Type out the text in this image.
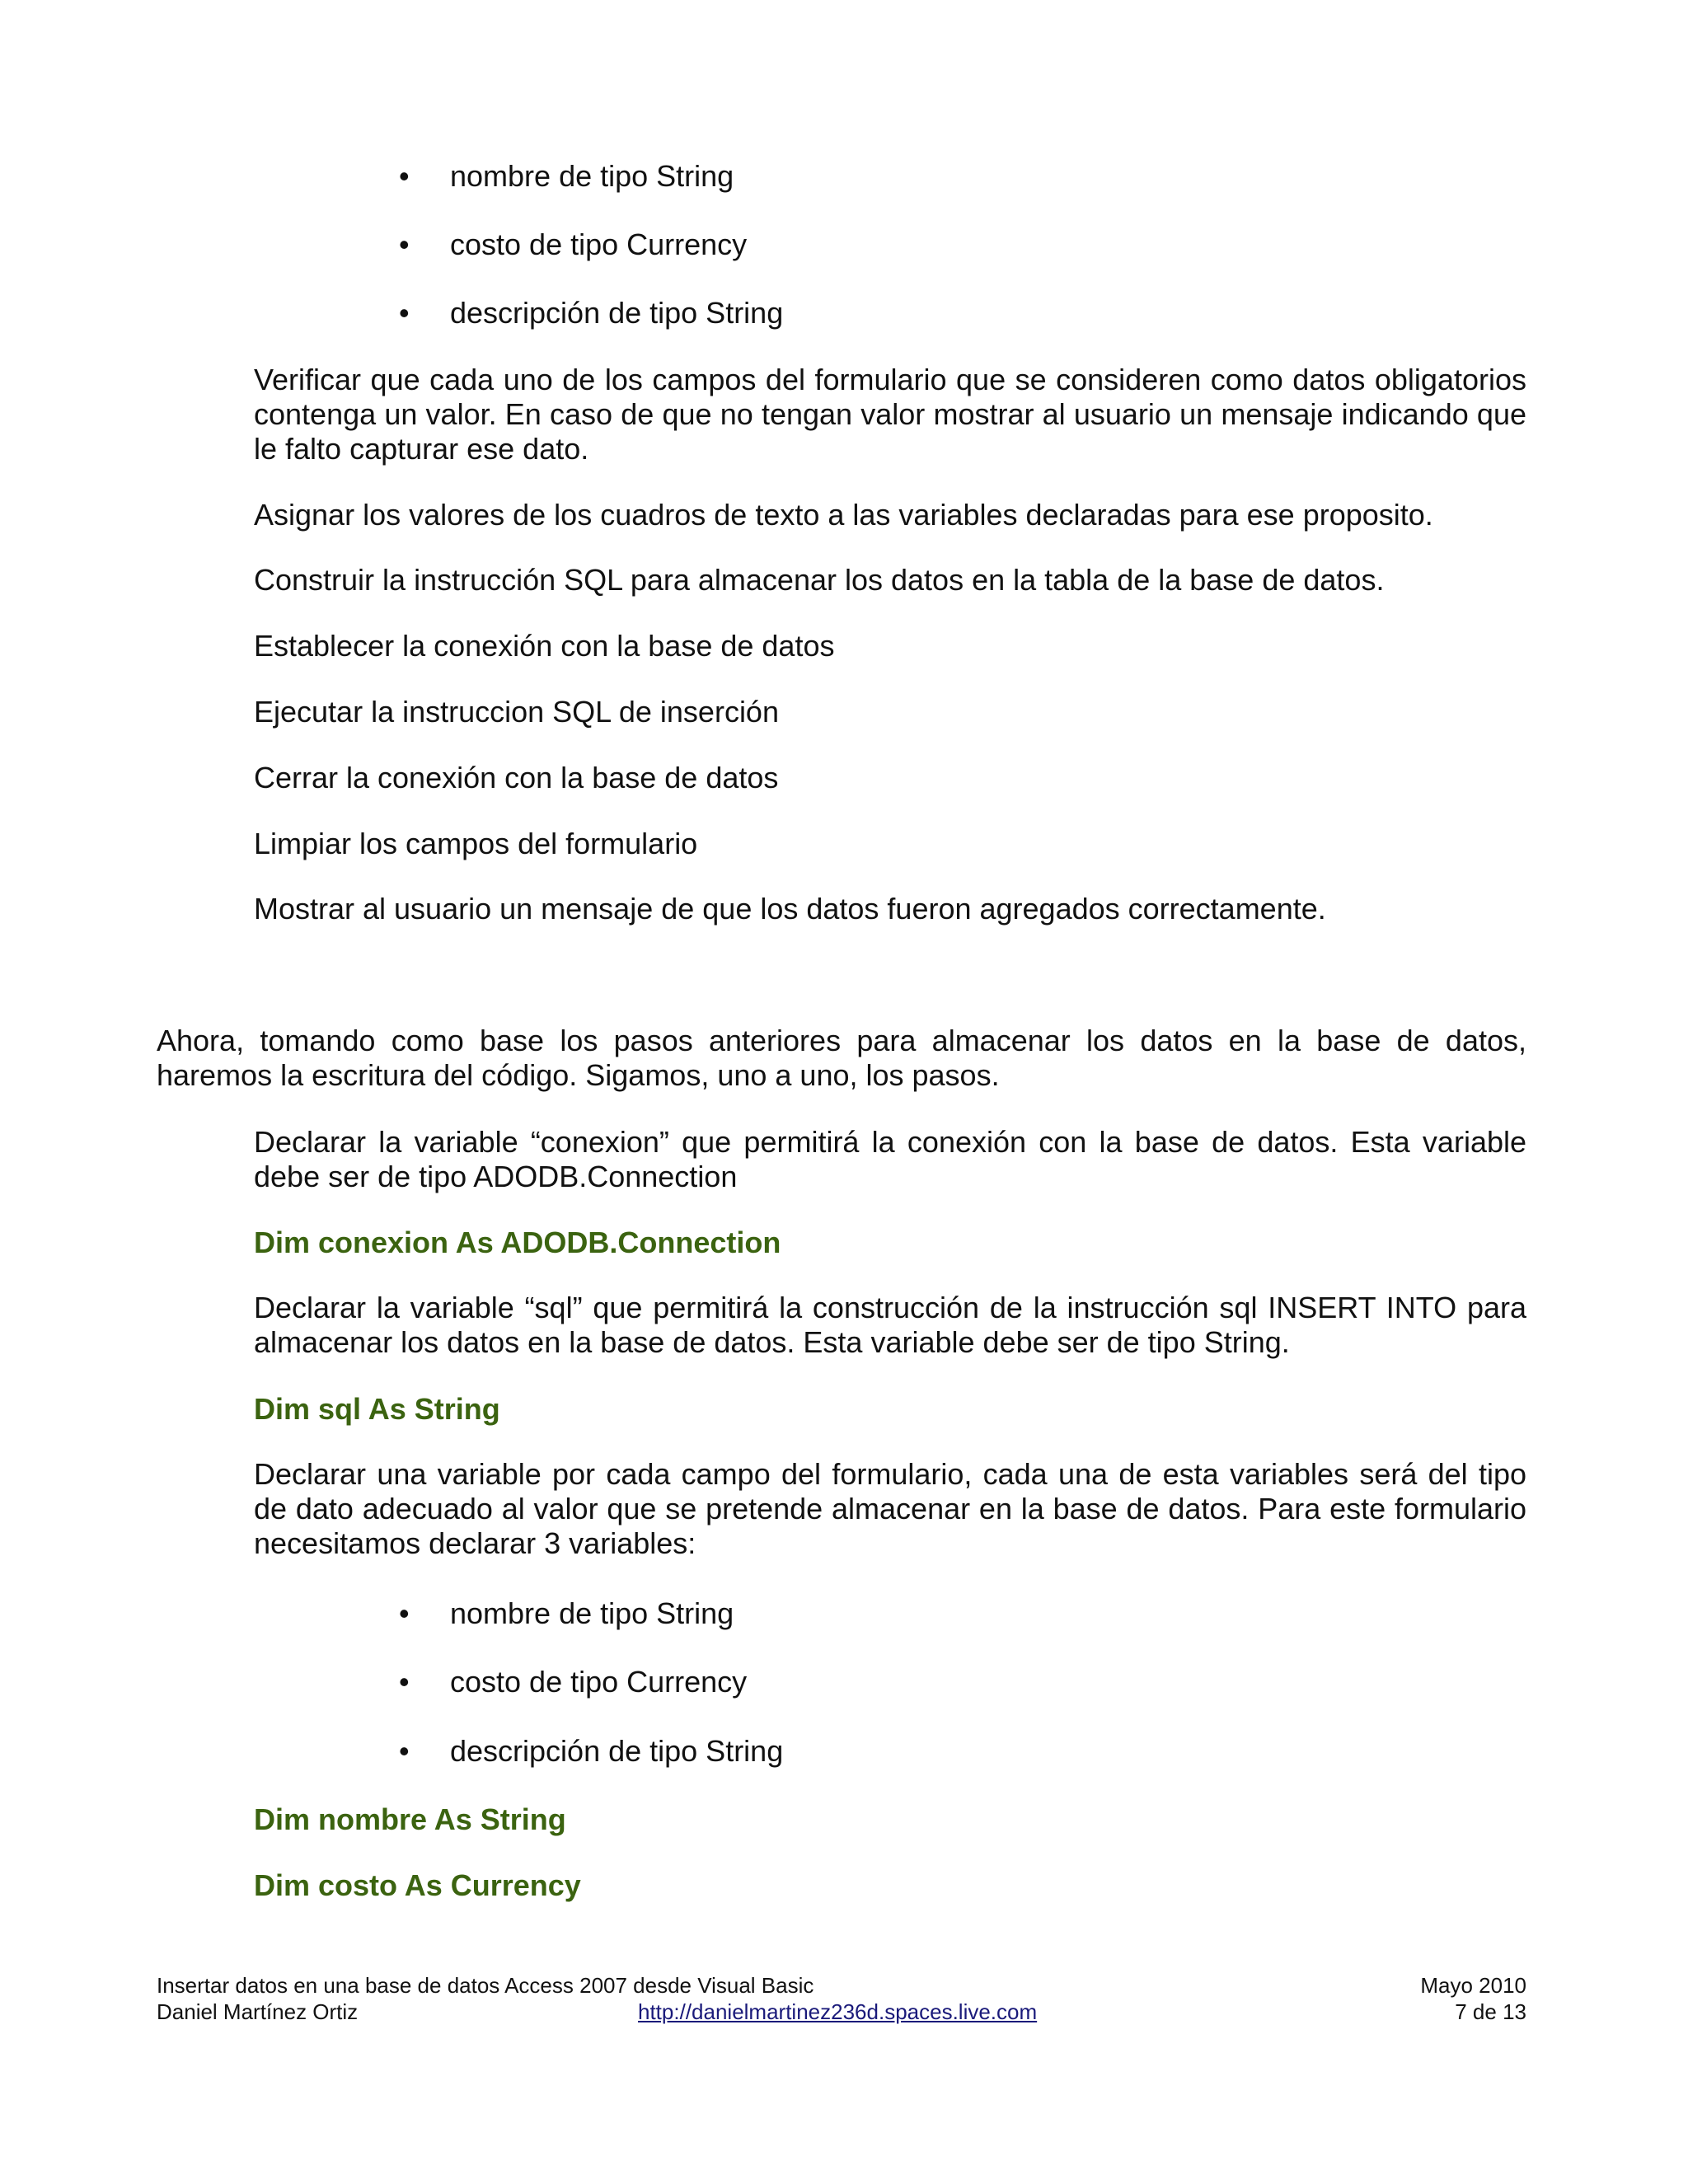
• nombre de tipo String
• costo de tipo Currency
• descripción de tipo String
Verificar que cada uno de los campos del formulario que se consideren como datos obligatorios contenga un valor. En caso de que no tengan valor mostrar al usuario un mensaje indicando que le falto capturar ese dato.
Asignar los valores de los cuadros de texto a las variables declaradas para ese proposito.
Construir la instrucción SQL para almacenar los datos en la tabla de la base de datos.
Establecer la conexión con la base de datos
Ejecutar la instruccion SQL de inserción
Cerrar la conexión con la base de datos
Limpiar los campos del formulario
Mostrar al usuario un mensaje de que los datos fueron agregados correctamente.
Ahora, tomando como base los pasos anteriores para almacenar los datos en la base de datos, haremos la escritura del código. Sigamos, uno a uno, los pasos.
Declarar la variable “conexion” que permitirá la conexión con la base de datos. Esta variable debe ser de tipo ADODB.Connection
Dim conexion As ADODB.Connection
Declarar la variable “sql” que permitirá la construcción de la instrucción sql INSERT INTO para almacenar los datos en la base de datos. Esta variable debe ser de tipo String.
Dim sql As String
Declarar una variable por cada campo del formulario, cada una de esta variables será del tipo de dato adecuado al valor que se pretende almacenar en la base de datos. Para este formulario necesitamos declarar 3 variables:
• nombre de tipo String
• costo de tipo Currency
• descripción de tipo String
Dim nombre As String
Dim costo As Currency
Insertar datos en una base de datos Access 2007 desde Visual Basic
Daniel Martínez Ortiz	http://danielmartinez236d.spaces.live.com
Mayo 2010
7 de 13
